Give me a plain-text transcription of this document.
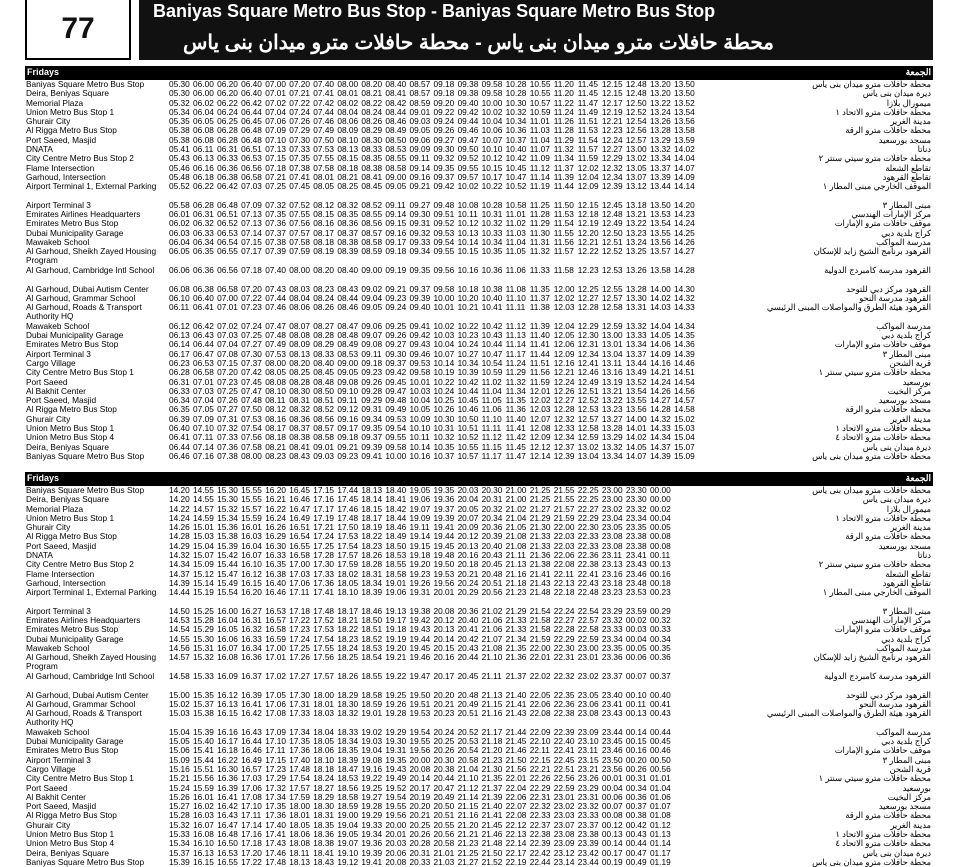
77
Baniyas Square Metro Bus Stop - Baniyas Square Metro Bus Stop
محطة حافلات مترو ميدان بنى ياس - محطة حافلات مترو ميدان بنى ياس
Fridays	الجمعة
Baniyas Square Metro Bus Stop	05.30 06.00 06.20 06.40 07.00 07.20 07.40 08.00 08.20 08.40 08.57 09.18 09.38 09.58 10.28 10.55 11.20 11.45 12.15 12.48 13.20 13.50	محطة حافلات مترو ميدان بنى ياس
Deira, Beniyas Square	05.30 06.00 06.20 06.40 07.01 07.21 07.41 08.01 08.21 08.41 08.57 09.18 09.38 09.58 10.28 10.55 11.20 11.45 12.15 12.48 13.20 13.50	ديرة ميدان بنى ياس
Memorial Plaza	05.32 06.02 06.22 06.42 07.02 07.22 07.42 08.02 08.22 08.42 08.59 09.20 09.40 10.00 10.30 10.57 11.22 11.47 12.17 12.50 13.22 13.52	ميمورال بلازا
Union Metro Bus Stop 1	05.34 06.04 06.24 06.44 07.04 07.24 07.44 08.04 08.24 08.44 09.01 09.22 09.42 10.02 10.32 10.59 11.24 11.49 12.19 12.52 13.24 13.54	محطة حافلات مترو الاتحاد ١
Ghurair City	05.35 06.05 06.25 06.45 07.06 07.26 07.46 08.06 08.26 08.46 09.03 09.24 09.44 10.04 10.34 11.01 11.26 11.51 12.21 12.54 13.26 13.56	مدينة الغرير
Al Rigga Metro Bus Stop	05.38 06.08 06.28 06.48 07.09 07.29 07.49 08.09 08.29 08.49 09.05 09.26 09.46 10.06 10.36 11.03 11.28 11.53 12.23 12.56 13.28 13.58	محطة حافلات مترو الرقة
Port Saeed, Masjid	05.38 06.08 06.28 06.48 07.10 07.30 07.50 08.10 08.30 08.50 09.06 09.27 09.47 10.07 10.37 11.04 11.29 11.54 12.24 12.57 13.29 13.59	مسجد بورسعيد
DNATA	05.41 06.11 06.31 06.51 07.13 07.33 07.53 08.13 08.33 08.53 09.09 09.30 09.50 10.10 10.40 11.07 11.32 11.57 12.27 13.00 13.32 14.02	دناتا
City Centre Metro Bus Stop 2	05.43 06.13 06.33 06.53 07.15 07.35 07.55 08.15 08.35 08.55 09.11 09.32 09.52 10.12 10.42 11.09 11.34 11.59 12.29 13.02 13.34 14.04	محطة حافلات مترو سيتي سنتر ٢
Flame Intersection	05.46 06.16 06.36 06.56 07.18 07.38 07.58 08.18 08.38 08.58 09.14 09.35 09.55 10.15 10.45 11.12 11.37 12.02 12.32 13.05 13.37 14.07	تقاطع الشعلة
Garhoud, Intersection	05.48 06.18 06.38 06.58 07.21 07.41 08.01 08.21 08.41 09.00 09.16 09.37 09.57 10.17 10.47 11.14 11.39 12.04 12.34 13.07 13.39 14.09	تقاطع القرهود
Airport Terminal 1, External Parking	05.52 06.22 06.42 07.03 07.25 07.45 08.05 08.25 08.45 09.05 09.21 09.42 10.02 10.22 10.52 11.19 11.44 12.09 12.39 13.12 13.44 14.14	الموقف الخارجي مبنى المطار ١
Airport Terminal 3	05.58 06.28 06.48 07.09 07.32 07.52 08.12 08.32 08.52 09.11 09.27 09.48 10.08 10.28 10.58 11.25 11.50 12.15 12.45 13.18 13.50 14.20	مبنى المطار ٣
Emirates Airlines Headquarters	06.01 06.31 06.51 07.13 07.35 07.55 08.15 08.35 08.55 09.14 09.30 09.51 10.11 10.31 11.01 11.28 11.53 12.18 12.48 13.21 13.53 14.23	مركز الإمارات الهندسي
Emirates Metro Bus Stop	06.02 06.32 06.52 07.13 07.36 07.56 08.16 08.36 08.56 09.15 09.31 09.52 10.12 10.32 11.02 11.29 11.54 12.19 12.49 13.22 13.54 14.24	موقف حافلات مترو الإمارات
Dubai Municipality Garage	06.03 06.33 06.53 07.14 07.37 07.57 08.17 08.37 08.57 09.16 09.32 09.53 10.13 10.33 11.03 11.30 11.55 12.20 12.50 13.23 13.55 14.25	كراج بلدية دبي
Mawakeb School	06.04 06.34 06.54 07.15 07.38 07.58 08.18 08.38 08.58 09.17 09.33 09.54 10.14 10.34 11.04 11.31 11.56 12.21 12.51 13.24 13.56 14.26	مدرسة المواكب
Al Garhoud, Sheikh Zayed Housing Program
06.05 06.35 06.55 07.17 07.39 07.59 08.19 08.39 08.59 09.18 09.34 09.55 10.15 10.35 11.05 11.32 11.57 12.22 12.52 13.25 13.57 14.27	القرهود برنامج الشيخ زايد للإسكان
Al Garhoud, Cambridge Intl School	06.06 06.36 06.56 07.18 07.40 08.00 08.20 08.40 09.00 09.19 09.35 09.56 10.16 10.36 11.06 11.33 11.58 12.23 12.53 13.26 13.58 14.28	القرهود مدرسة كامبردج الدولية
Al Garhoud, Dubai Autism Center	06.08 06.38 06.58 07.20 07.43 08.03 08.23 08.43 09.02 09.21 09.37 09.58 10.18 10.38 11.08 11.35 12.00 12.25 12.55 13.28 14.00 14.30	القرهود مركز دبي للتوحد
Al Garhoud, Grammar School	06.10 06.40 07.00 07.22 07.44 08.04 08.24 08.44 09.04 09.23 09.39 10.00 10.20 10.40 11.10 11.37 12.02 12.27 12.57 13.30 14.02 14.32	القرهود مدرسة النحو
Al Garhoud, Roads & Transport Authority HQ
06.11 06.41 07.01 07.23 07.46 08.06 08.26 08.46 09.05 09.24 09.40 10.01 10.21 10.41 11.11 11.38 12.03 12.28 12.58 13.31 14.03 14.33	القرهود هيئة الطرق والمواصلات المبنى الرئيسي
Mawakeb School	06.12 06.42 07.02 07.24 07.47 08.07 08.27 08.47 09.06 09.25 09.41 10.02 10.22 10.42 11.12 11.39 12.04 12.29 12.59 13.32 14.04 14.34	مدرسة المواكب
Dubai Municipality Garage	06.13 06.43 07.03 07.25 07.48 08.08 08.28 08.48 09.07 09.26 09.42 10.03 10.23 10.43 11.13 11.40 12.05 12.30 13.00 13.33 14.05 14.35	كراج بلدية دبي
Emirates Metro Bus Stop	06.14 06.44 07.04 07.27 07.49 08.09 08.29 08.49 09.08 09.27 09.43 10.04 10.24 10.44 11.14 11.41 12.06 12.31 13.01 13.34 14.06 14.36	موقف حافلات مترو الإمارات
Airport Terminal 3	06.17 06.47 07.08 07.30 07.53 08.13 08.33 08.53 09.11 09.30 09.46 10.07 10.27 10.47 11.17 11.44 12.09 12.34 13.04 13.37 14.09 14.39	مبنى المطار ٣
Cargo Village	06.23 06.53 07.15 07.37 08.00 08.20 08.40 09.00 09.18 09.37 09.53 10.14 10.34 10.54 11.24 11.51 12.16 12.41 13.11 13.44 14.16 14.46	قرية الشحن
City Centre Metro Bus Stop 1	06.28 06.58 07.20 07.42 08.05 08.25 08.45 09.05 09.23 09.42 09.58 10.19 10.39 10.59 11.29 11.56 12.21 12.46 13.16 13.49 14.21 14.51	محطة حافلات مترو سيتي سنتر ١
Port Saeed	06.31 07.01 07.23 07.45 08.08 08.28 08.48 09.08 09.26 09.45 10.01 10.22 10.42 11.02 11.32 11.59 12.24 12.49 13.19 13.52 14.24 14.54	بورسعيد
Al Bakhit Center	06.33 07.03 07.25 07.47 08.10 08.30 08.50 09.10 09.28 09.47 10.03 10.24 10.44 11.04 11.34 12.01 12.26 12.51 13.21 13.54 14.26 14.56	مركز البخيت
Port Saeed, Masjid	06.34 07.04 07.26 07.48 08.11 08.31 08.51 09.11 09.29 09.48 10.04 10.25 10.45 11.05 11.35 12.02 12.27 12.52 13.22 13.55 14.27 14.57	مسجد بورسعيد
Al Rigga Metro Bus Stop	06.35 07.05 07.27 07.50 08.12 08.32 08.52 09.12 09.31 09.49 10.05 10.26 10.46 11.06 11.36 12.03 12.28 12.53 13.23 13.56 14.28 14.58	محطة حافلات مترو الرقة
Ghurair City	06.39 07.09 07.31 07.53 08.16 08.36 08.56 09.16 09.34 09.53 10.09 10.30 10.50 11.10 11.40 12.07 12.32 12.57 13.27 14.00 14.32 15.02	مدينة الغرير
Union Metro Bus Stop 1	06.40 07.10 07.32 07.54 08.17 08.37 08.57 09.17 09.35 09.54 10.10 10.31 10.51 11.11 11.41 12.08 12.33 12.58 13.28 14.01 14.33 15.03	محطة حافلات مترو الاتحاد ١
Union Metro Bus Stop 4	06.41 07.11 07.33 07.56 08.18 08.38 08.58 09.18 09.37 09.55 10.11 10.32 10.52 11.12 11.42 12.09 12.34 12.59 13.29 14.02 14.34 15.04	محطة حافلات مترو الاتحاد ٤
Deira, Beniyas Square	06.44 07.14 07.36 07.58 08.21 08.41 09.01 09.21 09.39 09.58 10.14 10.35 10.55 11.15 11.45 12.12 12.37 13.02 13.32 14.05 14.37 15.07	ديرة ميدان بنى ياس
Baniyas Square Metro Bus Stop	06.46 07.16 07.38 08.00 08.23 08.43 09.03 09.23 09.41 10.00 10.16 10.37 10.57 11.17 11.47 12.14 12.39 13.04 13.34 14.07 14.39 15.09	محطة حافلات مترو ميدان بنى ياس
Fridays	الجمعة
Baniyas Square Metro Bus Stop	14.20 14.55 15.30 15.55 16.20 16.45 17.15 17.44 18.13 18.40 19.05 19.35 20.03 20.30 21.00 21.25 21.55 22.25 23.00 23.30 00.00	محطة حافلات مترو ميدان بنى ياس
Deira, Beniyas Square	14.20 14.55 15.30 15.55 16.21 16.46 17.16 17.45 18.14 18.41 19.06 19.36 20.04 20.31 21.00 21.25 21.55 22.25 23.00 23.30 00.00	ديرة ميدان بنى ياس
Memorial Plaza	14.22 14.57 15.32 15.57 16.22 16.47 17.17 17.46 18.15 18.42 19.07 19.37 20.05 20.32 21.02 21.27 21.57 22.27 23.02 23.32 00.02	ميمورال بلازا
Union Metro Bus Stop 1	14.24 14.59 15.34 15.59 16.24 16.49 17.19 17.48 18.17 18.44 19.09 19.39 20.07 20.34 21.04 21.29 21.59 22.29 23.04 23.34 00.04	محطة حافلات مترو الاتحاد ١
Ghurair City	14.26 15.01 15.36 16.01 16.26 16.51 17.21 17.50 18.19 18.46 19.11 19.41 20.09 20.36 21.05 21.30 22.00 22.30 23.05 23.35 00.05	مدينة الغرير
Al Rigga Metro Bus Stop	14.28 15.03 15.38 16.03 16.29 16.54 17.24 17.53 18.22 18.49 19.14 19.44 20.12 20.39 21.08 21.33 22.03 22.33 23.08 23.38 00.08	محطة حافلات مترو الرقة
Port Saeed, Masjid	14.29 15.04 15.39 16.04 16.30 16.55 17.25 17.54 18.23 18.50 19.15 19.45 20.13 20.40 21.08 21.33 22.03 22.33 23.08 23.38 00.08	مسجد بورسعيد
DNATA	14.32 15.07 15.42 16.07 16.33 16.58 17.28 17.57 18.26 18.53 19.18 19.48 20.16 20.43 21.11 21.36 22.06 22.36 23.11 23.41 00.11	دناتا
City Centre Metro Bus Stop 2	14.34 15.09 15.44 16.10 16.35 17.00 17.30 17.59 18.28 18.55 19.20 19.50 20.18 20.45 21.13 21.38 22.08 22.38 23.13 23.43 00.13	محطة حافلات مترو سيتي سنتر ٢
Flame Intersection	14.37 15.12 15.47 16.12 16.38 17.03 17.33 18.02 18.31 18.58 19.23 19.53 20.21 20.48 21.16 21.41 22.11 22.41 23.16 23.46 00.16	تقاطع الشعلة
Garhoud, Intersection	14.39 15.14 15.49 16.15 16.40 17.06 17.36 18.05 18.34 19.01 19.26 19.56 20.24 20.51 21.18 21.43 22.13 22.43 23.18 23.48 00.18	تقاطع القرهود
Airport Terminal 1, External Parking	14.44 15.19 15.54 16.20 16.46 17.11 17.41 18.10 18.39 19.06 19.31 20.01 20.29 20.56 21.23 21.48 22.18 22.48 23.23 23.53 00.23	الموقف الخارجي مبنى المطار ١
Airport Terminal 3	14.50 15.25 16.00 16.27 16.53 17.18 17.48 18.17 18.46 19.13 19.38 20.08 20.36 21.02 21.29 21.54 22.24 22.54 23.29 23.59 00.29	مبنى المطار ٣
Emirates Airlines Headquarters	14.53 15.28 16.04 16.31 16.57 17.22 17.52 18.21 18.50 19.17 19.42 20.12 20.40 21.06 21.33 21.58 22.27 22.57 23.32 00.02 00.32	مركز الإمارات الهندسي
Emirates Metro Bus Stop	14.54 15.29 16.05 16.32 16.58 17.23 17.53 18.22 18.51 19.18 19.43 20.13 20.41 21.06 21.33 21.58 22.28 22.58 23.33 00.03 00.33	موقف حافلات مترو الإمارات
Dubai Municipality Garage	14.55 15.30 16.06 16.33 16.59 17.24 17.54 18.23 18.52 19.19 19.44 20.14 20.42 21.07 21.34 21.59 22.29 22.59 23.34 00.04 00.34	كراج بلدية دبي
Mawakeb School	14.56 15.31 16.07 16.34 17.00 17.25 17.55 18.24 18.53 19.20 19.45 20.15 20.43 21.08 21.35 22.00 22.30 23.00 23.35 00.05 00.35	مدرسة المواكب
Al Garhoud, Sheikh Zayed Housing Program
14.57 15.32 16.08 16.36 17.01 17.26 17.56 18.25 18.54 19.21 19.46 20.16 20.44 21.10 21.36 22.01 22.31 23.01 23.36 00.06 00.36	القرهود برنامج الشيخ زايد للإسكان
Al Garhoud, Cambridge Intl School	14.58 15.33 16.09 16.37 17.02 17.27 17.57 18.26 18.55 19.22 19.47 20.17 20.45 21.11 21.37 22.02 22.32 23.02 23.37 00.07 00.37	القرهود مدرسة كامبردج الدولية
Al Garhoud, Dubai Autism Center	15.00 15.35 16.12 16.39 17.05 17.30 18.00 18.29 18.58 19.25 19.50 20.20 20.48 21.13 21.40 22.05 22.35 23.05 23.40 00.10 00.40	القرهود مركز دبي للتوحد
Al Garhoud, Grammar School	15.02 15.37 16.13 16.41 17.06 17.31 18.01 18.30 18.59 19.26 19.51 20.21 20.49 21.15 21.41 22.06 22.36 23.06 23.41 00.11 00.41	القرهود مدرسة النحو
Al Garhoud, Roads & Transport Authority HQ
15.03 15.38 16.15 16.42 17.08 17.33 18.03 18.32 19.01 19.28 19.53 20.23 20.51 21.16 21.43 22.08 22.38 23.08 23.43 00.13 00.43	القرهود هيئة الطرق والمواصلات المبنى الرئيسي
Mawakeb School	15.04 15.39 16.16 16.43 17.09 17.34 18.04 18.33 19.02 19.29 19.54 20.24 20.52 21.17 21.44 22.09 22.39 23.09 23.44 00.14 00.44	مدرسة المواكب
Dubai Municipality Garage	15.05 15.40 16.17 16.44 17.10 17.35 18.05 18.34 19.03 19.30 19.55 20.25 20.53 21.18 21.45 22.10 22.40 23.10 23.45 00.15 00.45	كراج بلدية دبي
Emirates Metro Bus Stop	15.06 15.41 16.18 16.46 17.11 17.36 18.06 18.35 19.04 19.31 19.56 20.26 20.54 21.20 21.46 22.11 22.41 23.11 23.46 00.16 00.46	موقف حافلات مترو الإمارات
Airport Terminal 3	15.09 15.44 16.22 16.49 17.15 17.40 18.10 18.39 19.08 19.35 20.00 20.30 20.58 21.23 21.50 22.15 22.45 23.15 23.50 00.20 00.50	مبنى المطار ٣
Cargo Village	15.16 15.51 16.30 16.57 17.23 17.48 18.18 18.47 19.16 19.43 20.08 20.38 21.04 21.30 21.56 22.21 22.51 23.21 23.56 00.26 00.56	قرية الشحن
City Centre Metro Bus Stop 1	15.21 15.56 16.36 17.03 17.29 17.54 18.24 18.53 19.22 19.49 20.14 20.44 21.10 21.35 22.01 22.26 22.56 23.26 00.01 00.31 01.01	محطة حافلات مترو سيتي سنتر ١
Port Saeed	15.24 15.59 16.39 17.06 17.32 17.57 18.27 18.56 19.25 19.52 20.17 20.47 21.12 21.37 22.04 22.29 22.59 23.29 00.04 00.34 01.04	بورسعيد
Al Bakhit Center	15.26 16.01 16.41 17.08 17.34 17.59 18.29 18.58 19.27 19.54 20.19 20.49 21.14 21.39 22.06 22.31 23.01 23.31 00.06 00.36 01.06	مركز البخيت
Port Saeed, Masjid	15.27 16.02 16.42 17.10 17.35 18.00 18.30 18.59 19.28 19.55 20.20 20.50 21.15 21.40 22.07 22.32 23.02 23.32 00.07 00.37 01.07	مسجد بورسعيد
Al Rigga Metro Bus Stop	15.28 16.03 16.43 17.11 17.36 18.01 18.31 19.00 19.29 19.56 20.21 20.51 21.16 21.41 22.08 22.33 23.03 23.33 00.08 00.38 01.08	محطة حافلات مترو الرقة
Ghurair City	15.32 16.07 16.47 17.14 17.40 18.05 18.35 19.04 19.33 20.00 20.25 20.55 21.20 21.45 22.12 22.37 23.07 23.37 00.12 00.42 01.12	مدينة الغرير
Union Metro Bus Stop 1	15.33 16.08 16.48 17.16 17.41 18.06 18.36 19.05 19.34 20.01 20.26 20.56 21.21 21.46 22.13 22.38 23.08 23.38 00.13 00.43 01.13	محطة حافلات مترو الاتحاد ١
Union Metro Bus Stop 4	15.34 16.10 16.50 17.18 17.43 18.08 18.38 19.07 19.36 20.03 20.28 20.58 21.23 21.48 22.14 22.39 23.09 23.39 00.14 00.44 01.14	محطة حافلات مترو الاتحاد ٤
Deira, Beniyas Square	15.37 16.13 16.53 17.20 17.46 18.11 18.41 19.10 19.39 20.06 20.31 21.01 21.25 21.50 22.17 22.42 23.12 23.42 00.17 00.47 01.17	ديرة ميدان بنى ياس
Baniyas Square Metro Bus Stop	15.39 16.15 16.55 17.22 17.48 18.13 18.43 19.12 19.41 20.08 20.33 21.03 21.27 21.52 22.19 22.44 23.14 23.44 00.19 00.49 01.19	محطة حافلات مترو ميدان بنى ياس
